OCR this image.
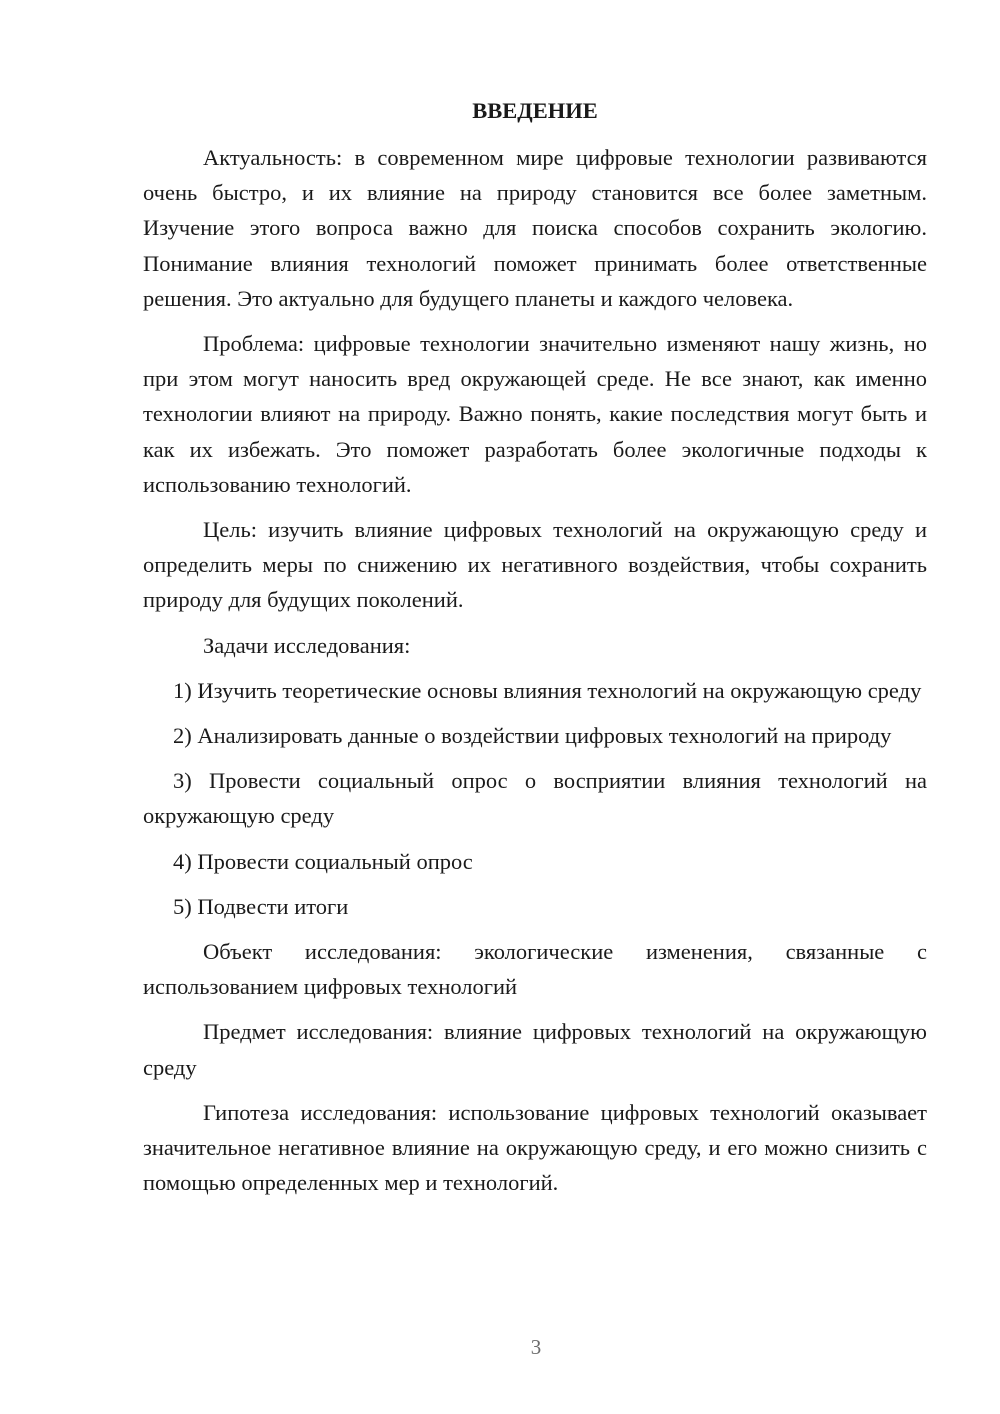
ВВЕДЕНИЕ

Актуальность: в современном мире цифровые технологии развиваются очень быстро, и их влияние на природу становится все более заметным. Изучение этого вопроса важно для поиска способов сохранить экологию. Понимание влияния технологий поможет принимать более ответственные решения. Это актуально для будущего планеты и каждого человека.

Проблема: цифровые технологии значительно изменяют нашу жизнь, но при этом могут наносить вред окружающей среде. Не все знают, как именно технологии влияют на природу. Важно понять, какие последствия могут быть и как их избежать. Это поможет разработать более экологичные подходы к использованию технологий.

Цель: изучить влияние цифровых технологий на окружающую среду и определить меры по снижению их негативного воздействия, чтобы сохранить природу для будущих поколений.

Задачи исследования:

1) Изучить теоретические основы влияния технологий на окружающую среду

2) Анализировать данные о воздействии цифровых технологий на природу

3) Провести социальный опрос о восприятии влияния технологий на окружающую среду

4) Провести социальный опрос

5) Подвести итоги

Объект исследования: экологические изменения, связанные с использованием цифровых технологий

Предмет исследования: влияние цифровых технологий на окружающую среду

Гипотеза исследования: использование цифровых технологий оказывает значительное негативное влияние на окружающую среду, и его можно снизить с помощью определенных мер и технологий.

3
